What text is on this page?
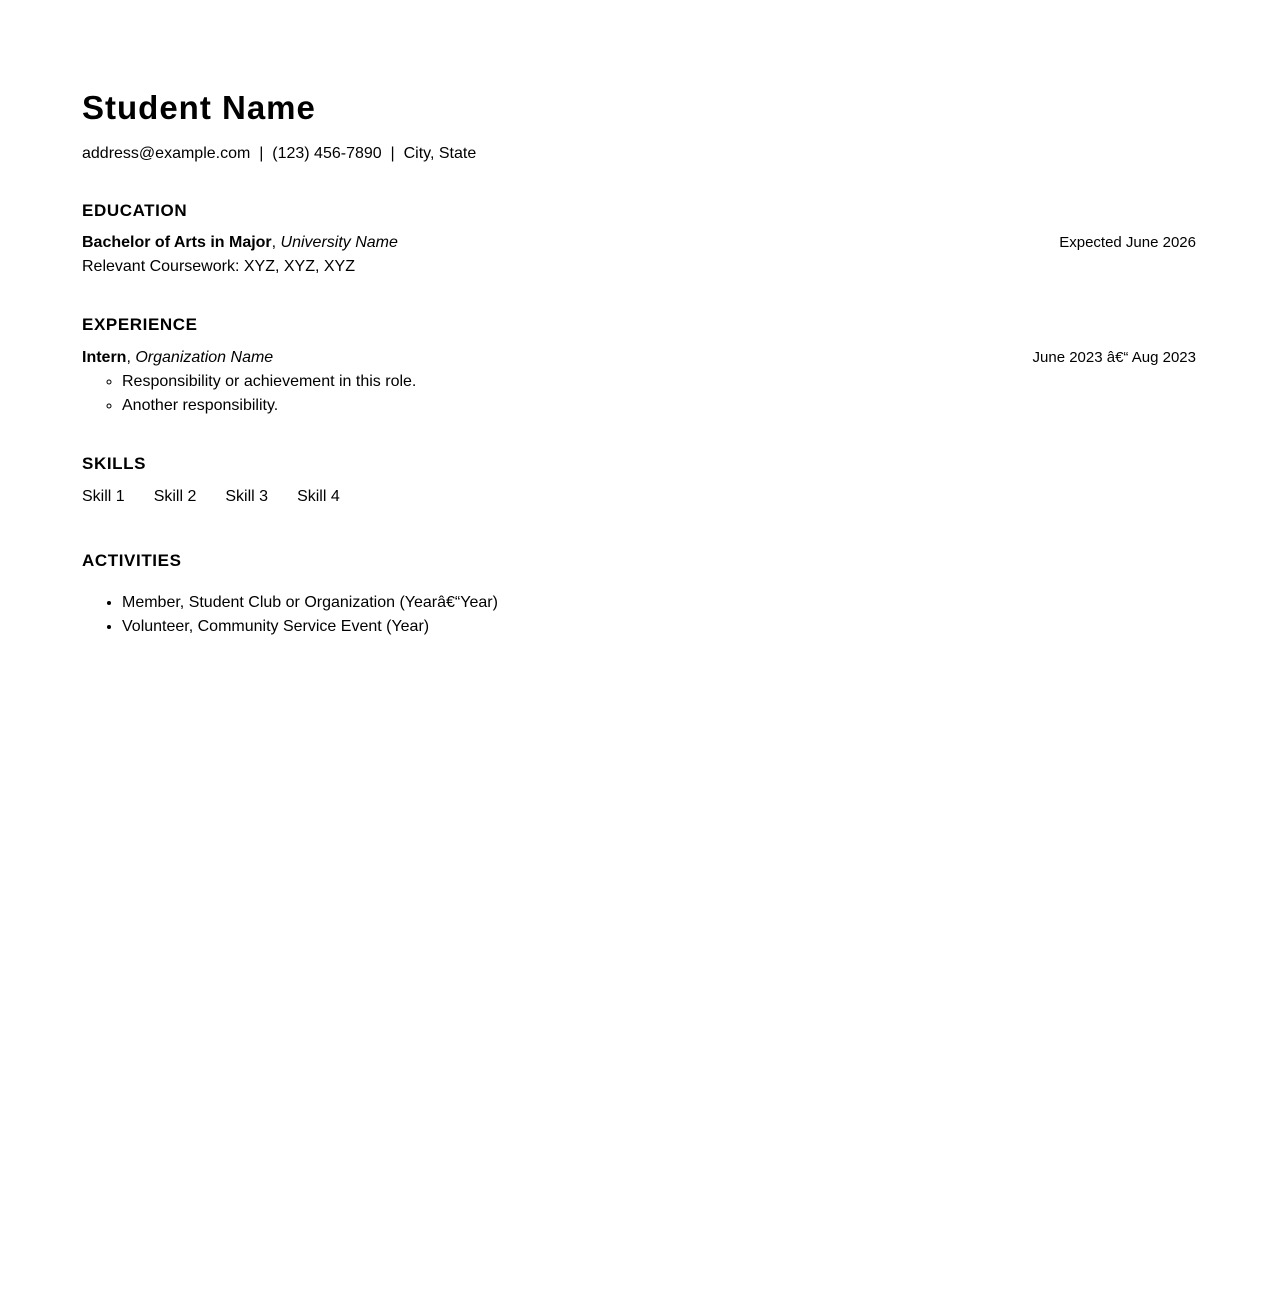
Student Name
address@example.com  |  (123) 456-7890  |  City, State
EDUCATION
Bachelor of Arts in Major, University Name	Expected June 2026
Relevant Coursework: XYZ, XYZ, XYZ
EXPERIENCE
Intern, Organization Name	June 2023 â€“ Aug 2023
◦ Responsibility or achievement in this role.
◦ Another responsibility.
SKILLS
Skill 1 Skill 2 Skill 3 Skill 4
ACTIVITIES
• Member, Student Club or Organization (Yearâ€“Year)
• Volunteer, Community Service Event (Year)
